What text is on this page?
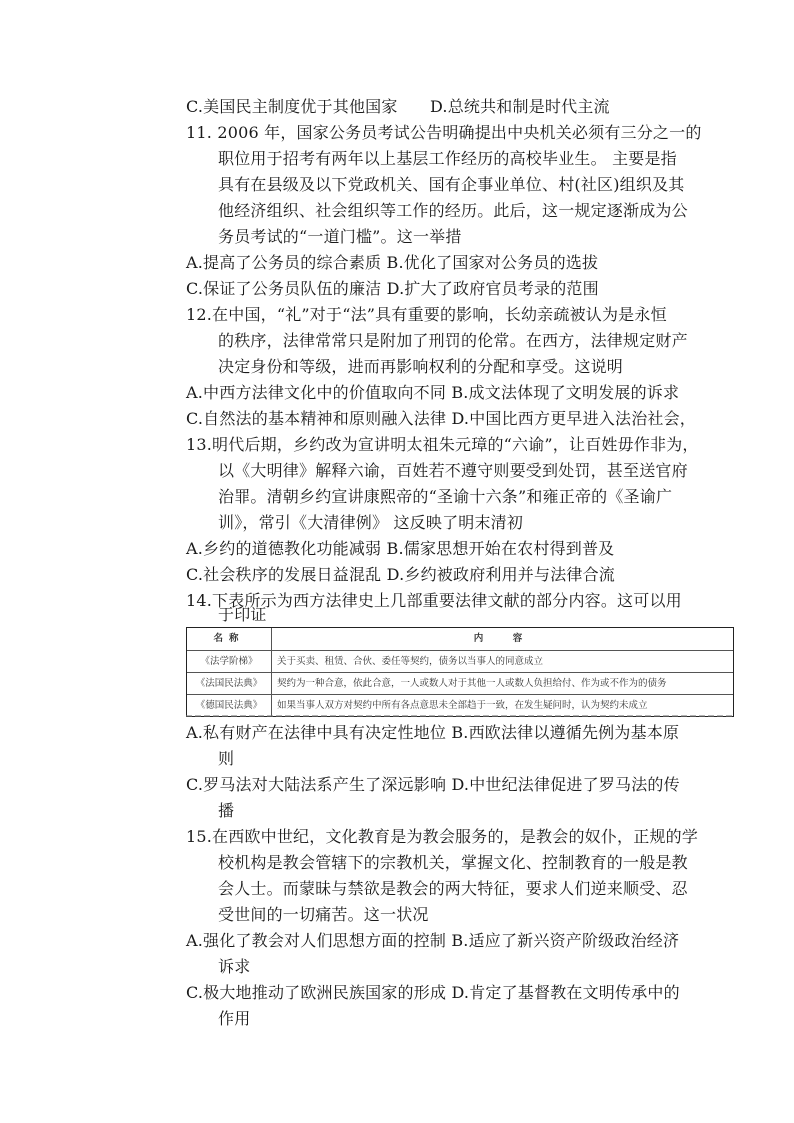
C.美国民主制度优于其他国家　　D.总统共和制是时代主流
11. 2006 年，国家公务员考试公告明确提出中央机关必须有三分之一的
职位用于招考有两年以上基层工作经历的高校毕业生。 主要是指
具有在县级及以下党政机关、国有企事业单位、村(社区)组织及其
他经济组织、社会组织等工作的经历。此后，这一规定逐渐成为公
务员考试的“一道门槛”。这一举措
A.提高了公务员的综合素质 B.优化了国家对公务员的选拔
C.保证了公务员队伍的廉洁 D.扩大了政府官员考录的范围
12.在中国，“礼”对于“法”具有重要的影响，长幼亲疏被认为是永恒
的秩序，法律常常只是附加了刑罚的伦常。在西方，法律规定财产
决定身份和等级，进而再影响权利的分配和享受。这说明
A.中西方法律文化中的价值取向不同 B.成文法体现了文明发展的诉求
C.自然法的基本精神和原则融入法律 D.中国比西方更早进入法治社会，
13.明代后期，乡约改为宣讲明太祖朱元璋的“六谕”，让百姓毋作非为，
以《大明律》解释六谕，百姓若不遵守则要受到处罚，甚至送官府
治罪。清朝乡约宣讲康熙帝的“圣谕十六条”和雍正帝的《圣谕广
训》，常引《大清律例》 这反映了明末清初
A.乡约的道德教化功能减弱 B.儒家思想开始在农村得到普及
C.社会秩序的发展日益混乱 D.乡约被政府利用并与法律合流
14.下表所示为西方法律史上几部重要法律文献的部分内容。这可以用
于印证
名称	内　容
《法学阶梯》	关于买卖、租赁、合伙、委任等契约，债务以当事人的同意成立
《法国民法典》	契约为一种合意，依此合意，一人或数人对于其他一人或数人负担给付、作为或不作为的债务
《德国民法典》	如果当事人双方对契约中所有各点意思未全部趋于一致，在发生疑问时，认为契约未成立
A.私有财产在法律中具有决定性地位 B.西欧法律以遵循先例为基本原
则
C.罗马法对大陆法系产生了深远影响 D.中世纪法律促进了罗马法的传
播
15.在西欧中世纪，文化教育是为教会服务的，是教会的奴仆，正规的学
校机构是教会管辖下的宗教机关，掌握文化、控制教育的一般是教
会人士。而蒙昧与禁欲是教会的两大特征，要求人们逆来顺受、忍
受世间的一切痛苦。这一状况
A.强化了教会对人们思想方面的控制 B.适应了新兴资产阶级政治经济
诉求
C.极大地推动了欧洲民族国家的形成 D.肯定了基督教在文明传承中的
作用
